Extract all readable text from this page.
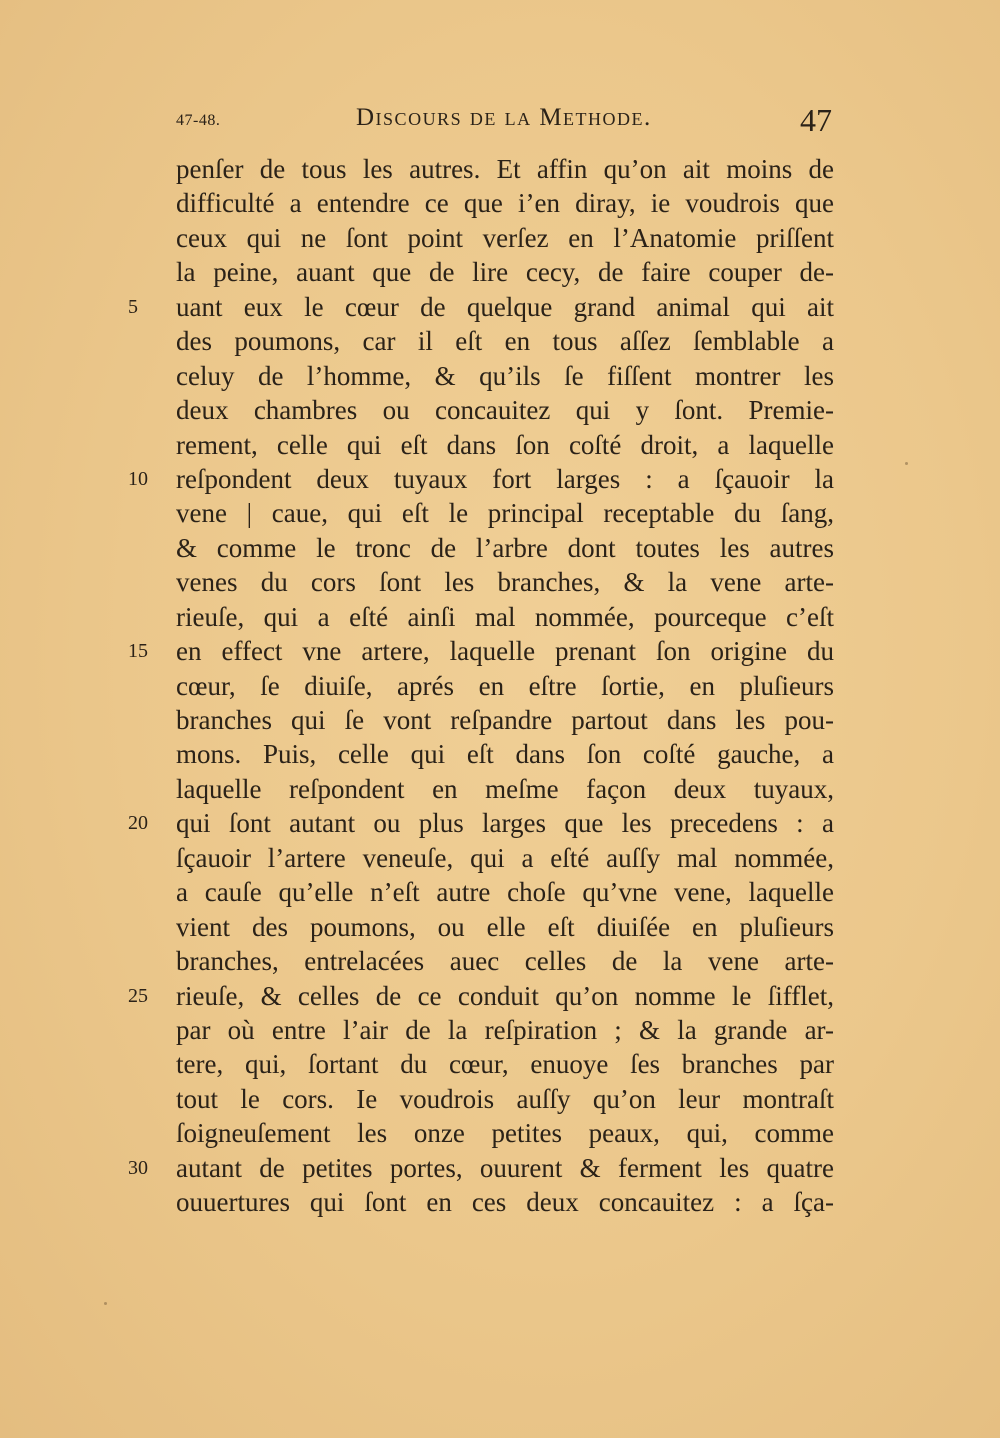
47-48.	Discours de la Methode.	47
penſer de tous les autres. Et affin qu’on ait moins de
difficulté a entendre ce que i’en diray, ie voudrois que
ceux qui ne ſont point verſez en l’Anatomie priſſent
la peine, auant que de lire cecy, de faire couper de-
5	uant eux le cœur de quelque grand animal qui ait
des poumons, car il eſt en tous aſſez ſemblable a
celuy de l’homme, & qu’ils ſe fiſſent montrer les
deux chambres ou concauitez qui y ſont. Premie-
rement, celle qui eſt dans ſon coſté droit, a laquelle
10	reſpondent deux tuyaux fort larges : a ſçauoir la
vene | caue, qui eſt le principal receptable du ſang,
& comme le tronc de l’arbre dont toutes les autres
venes du cors ſont les branches, & la vene arte-
rieuſe, qui a eſté ainſi mal nommée, pourceque c’eſt
15	en effect vne artere, laquelle prenant ſon origine du
cœur, ſe diuiſe, aprés en eſtre ſortie, en pluſieurs
branches qui ſe vont reſpandre partout dans les pou-
mons. Puis, celle qui eſt dans ſon coſté gauche, a
laquelle reſpondent en meſme façon deux tuyaux,
20	qui ſont autant ou plus larges que les precedens : a
ſçauoir l’artere veneuſe, qui a eſté auſſy mal nommée,
a cauſe qu’elle n’eſt autre choſe qu’vne vene, laquelle
vient des poumons, ou elle eſt diuiſée en pluſieurs
branches, entrelacées auec celles de la vene arte-
25	rieuſe, & celles de ce conduit qu’on nomme le ſifflet,
par où entre l’air de la reſpiration ; & la grande ar-
tere, qui, ſortant du cœur, enuoye ſes branches par
tout le cors. Ie voudrois auſſy qu’on leur montraſt
ſoigneuſement les onze petites peaux, qui, comme
30	autant de petites portes, ouurent & ferment les quatre
ouuertures qui ſont en ces deux concauitez : a ſça-
